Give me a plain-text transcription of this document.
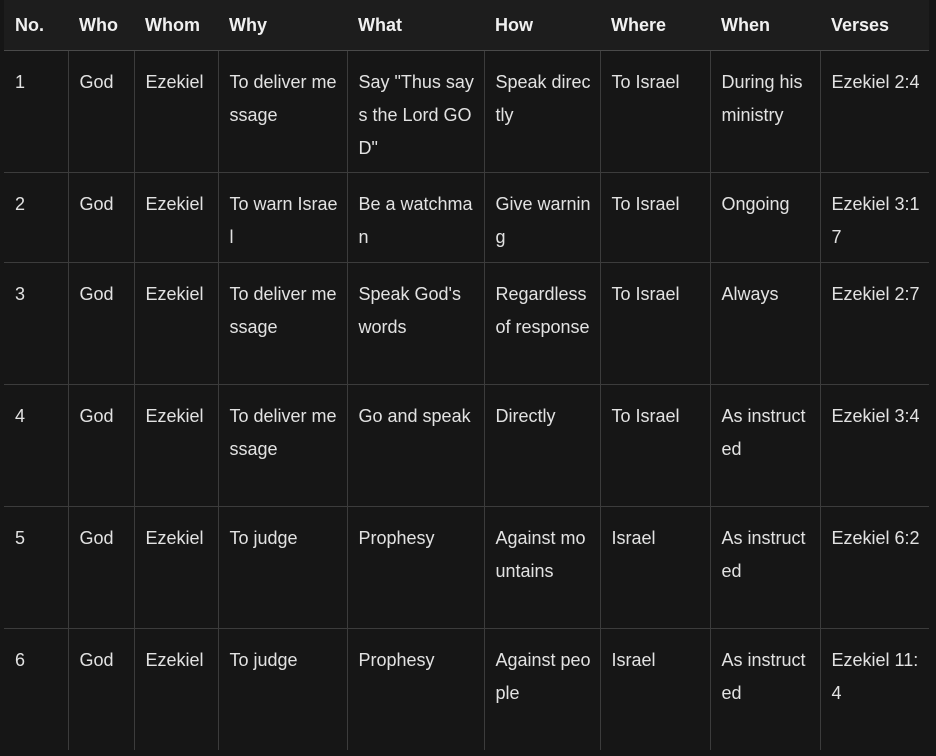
No.	Who	Whom	Why	What	How	Where	When	Verses
1	God	Ezekiel	To deliver message	Say "Thus says the Lord GOD"	Speak directly	To Israel	During his ministry	Ezekiel 2:4
2	God	Ezekiel	To warn Israel	Be a watchman	Give warning	To Israel	Ongoing	Ezekiel 3:17
3	God	Ezekiel	To deliver message	Speak God's words	Regardless of response	To Israel	Always	Ezekiel 2:7
4	God	Ezekiel	To deliver message	Go and speak	Directly	To Israel	As instructed	Ezekiel 3:4
5	God	Ezekiel	To judge	Prophesy	Against mountains	Israel	As instructed	Ezekiel 6:2
6	God	Ezekiel	To judge	Prophesy	Against people	Israel	As instructed	Ezekiel 11:4
